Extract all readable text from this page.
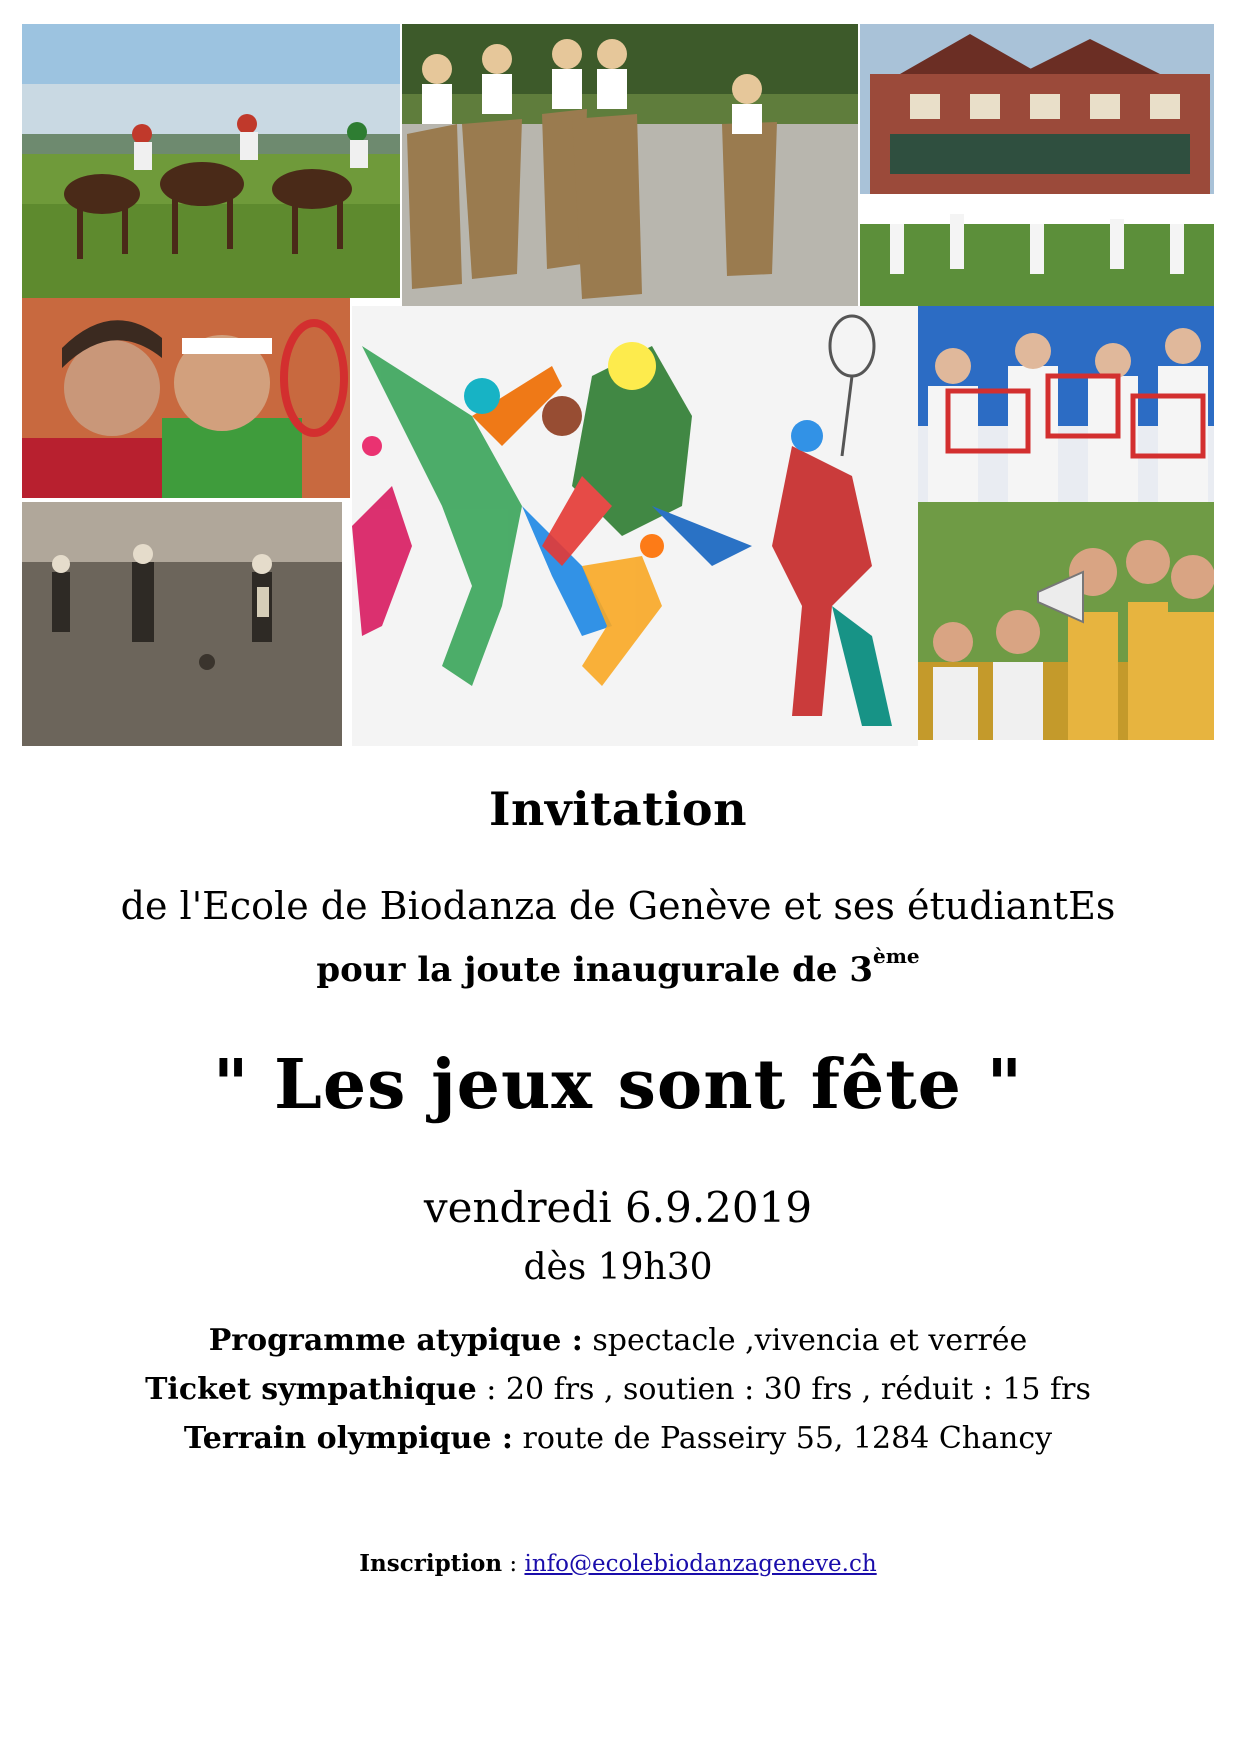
Invitation
de l'Ecole de Biodanza de Genève et ses étudiantEs
pour la joute inaugurale de 3ème
" Les jeux sont fête "
vendredi 6.9.2019
dès 19h30
Programme atypique : spectacle ,vivencia et verrée
Ticket sympathique : 20 frs , soutien : 30 frs , réduit : 15 frs
Terrain olympique : route de Passeiry 55, 1284 Chancy
Inscription : info@ecolebiodanzageneve.ch
